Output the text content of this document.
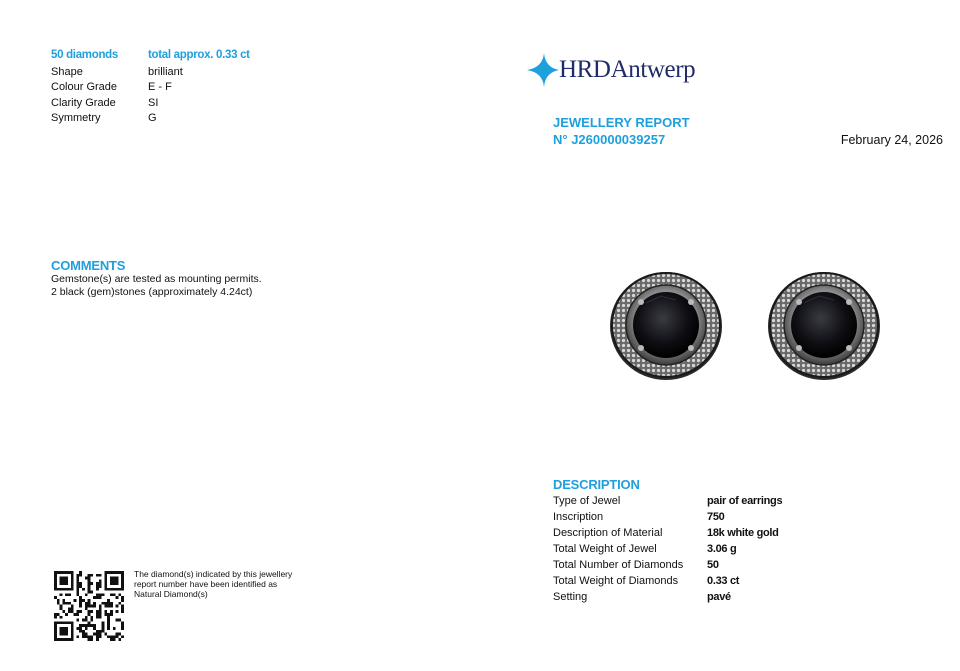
50 diamonds	total approx. 0.33 ct
Shape	brilliant
Colour Grade	E - F
Clarity Grade	SI
Symmetry	G
COMMENTS
Gemstone(s) are tested as mounting permits.
2 black (gem)stones (approximately 4.24ct)
HRDAntwerp
JEWELLERY REPORT
N° J260000039257	February 24, 2026
DESCRIPTION
Type of Jewel	pair of earrings
Inscription	750
Description of Material	18k white gold
Total Weight of Jewel	3.06 g
Total Number of Diamonds	50
Total Weight of Diamonds	0.33 ct
Setting	pavé
The diamond(s) indicated by this jewellery
report number have been identified as
Natural Diamond(s)
